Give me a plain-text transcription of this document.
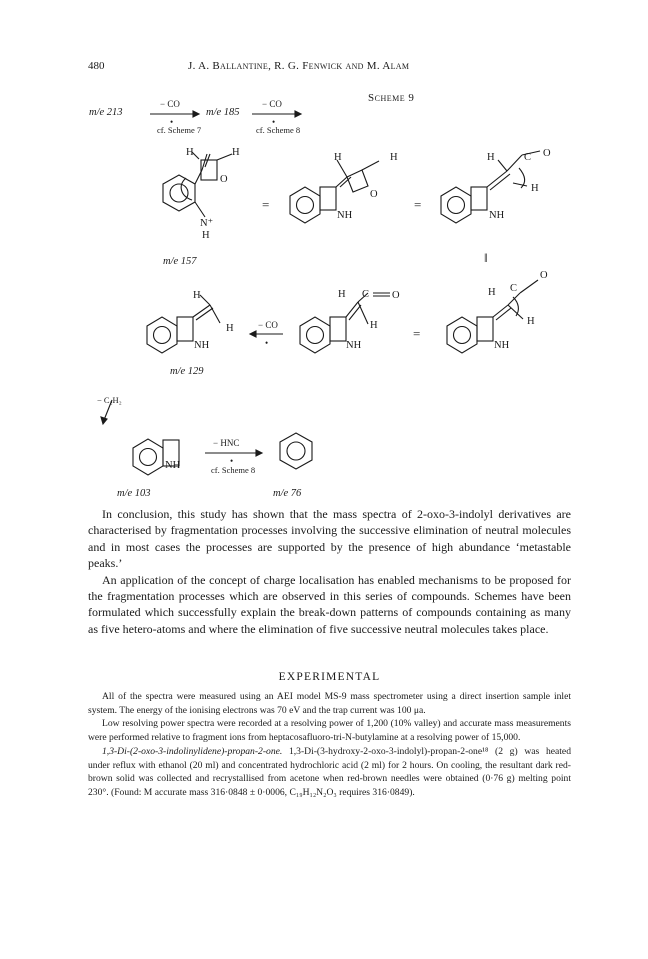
480	J. A. Ballantine, R. G. Fenwick and M. Alam
Scheme 9
m/e 213
− CO
•
cf. Scheme 7
m/e 185
− CO
•
cf. Scheme 8
H	H
O
N⁺
H
m/e 157
=
H	H
O
NH
=
H	C O
H
NH
‖
H
H
NH
m/e 129
− CO
•
H C O
H
NH
=
H C
O
H
NH
− C₂H₂
NH
− HNC
•
cf. Scheme 8
m/e 103	m/e 76

In conclusion, this study has shown that the mass spectra of 2-oxo-3-indolyl derivatives are characterised by fragmentation processes involving the successive elimination of neutral molecules and in most cases the processes are supported by the presence of high abundance ‘metastable peaks.’

An application of the concept of charge localisation has enabled mechanisms to be proposed for the fragmentation processes which are observed in this series of compounds. Schemes have been formulated which successfully explain the break-down patterns of compounds containing as many as five hetero-atoms and where the elimination of five successive neutral molecules takes place.

EXPERIMENTAL

All of the spectra were measured using an AEI model MS-9 mass spectrometer using a direct insertion sample inlet system. The energy of the ionising electrons was 70 eV and the trap current was 100 μa.

Low resolving power spectra were recorded at a resolving power of 1,200 (10% valley) and accurate mass measurements were performed relative to fragment ions from heptacosafluoro-tri-N-butylamine at a resolving power of 15,000.

1,3-Di-(2-oxo-3-indolinylidene)-propan-2-one. 1,3-Di-(3-hydroxy-2-oxo-3-indolyl)-propan-2-one¹⁸ (2 g) was heated under reflux with ethanol (20 ml) and concentrated hydrochloric acid (2 ml) for 2 hours. On cooling, the resultant dark red-brown solid was collected and recrystallised from acetone when red-brown needles were obtained (0·76 g) melting point 230°. (Found: M accurate mass 316·0848 ± 0·0006, C₁₉H₁₂N₂O₃ requires 316·0849).
